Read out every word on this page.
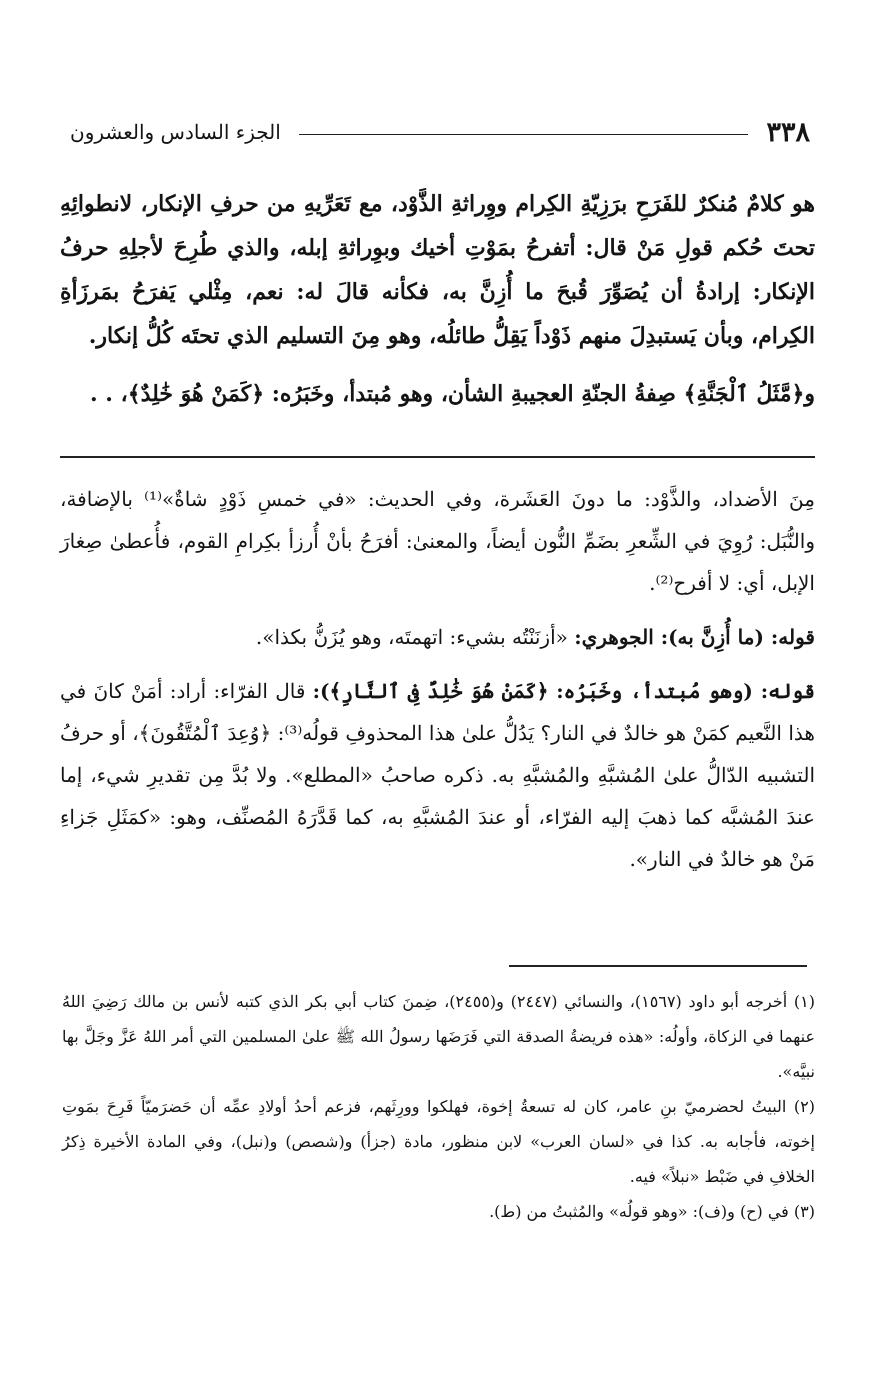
٣٣٨
الجزء السادس والعشرون

هو كلامٌ مُنكرٌ للفَرَحِ برَزِيّةِ الكِرام ووِراثةِ الذَّوْد، مع تَعَرِّيهِ من حرفِ الإنكار، لانطوائِهِ تحتَ حُكم قولِ مَنْ قال: أتفرحُ بمَوْتِ أخيك وبوِراثةِ إبله، والذي طُرِحَ لأجلِهِ حرفُ الإنكار: إرادةُ أن يُصَوِّرَ قُبحَ ما أُزِنَّ به، فكأنه قالَ له: نعم، مِثْلي يَفرَحُ بمَرزَأةِ الكِرام، وبأن يَستبدِلَ منهم ذَوْداً يَقِلُّ طائلُه، وهو مِنَ التسليم الذي تحتَه كُلُّ إنكار.

و﴿مَّثَلُ ٱلْجَنَّةِ﴾ صِفةُ الجنّةِ العجيبةِ الشأن، وهو مُبتدأ، وخَبَرُه: ﴿كَمَنْ هُوَ خَٰلِدٌ﴾، . .

مِنَ الأضداد، والذَّوْد: ما دونَ العَشَرة، وفي الحديث: «في خمسِ ذَوْدٍ شاةٌ»⁽¹⁾ بالإضافة، والنُّبَل: رُوِيَ في الشِّعرِ بضَمِّ النُّون أيضاً، والمعنىٰ: أفرَحُ بأنْ أُرزأ بكِرامِ القوم، فأُعطىٰ صِغارَ الإبل، أي: لا أفرح⁽²⁾.

قوله: (ما أُزِنَّ به): الجوهري: «أزنَنْتُه بشيء: اتهمتَه، وهو يُزَنُّ بكذا».

قوله: (وهو مُبتدأ، وخَبَرُه: ﴿كَمَنْ هُوَ خَٰلِدٌ فِى ٱلنَّارِ﴾): قال الفرّاء: أراد: أمَنْ كانَ في هذا النَّعيم كمَنْ هو خالدٌ في النار؟ يَدُلُّ علىٰ هذا المحذوفِ قولُه⁽³⁾: ﴿وُعِدَ ٱلْمُتَّقُونَ﴾، أو حرفُ التشبيه الدّالُّ علىٰ المُشبَّهِ والمُشبَّهِ به. ذكره صاحبُ «المطلع». ولا بُدَّ مِن تقديرِ شيء، إما عندَ المُشبَّه كما ذهبَ إليه الفرّاء، أو عندَ المُشبَّهِ به، كما قَدَّرَهُ المُصنِّف، وهو: «كمَثَلِ جَزاءِ مَنْ هو خالدٌ في النار».

(١) أخرجه أبو داود (١٥٦٧)، والنسائي (٢٤٤٧) و(٢٤٥٥)، ضِمنَ كتاب أبي بكر الذي كتبه لأنس بن مالك رَضِيَ اللهُ عنهما في الزكاة، وأولُه: «هذه فريضةُ الصدقة التي فَرَضَها رسولُ الله ﷺ علىٰ المسلمين التي أمر اللهُ عَزَّ وجَلَّ بها نبيَّه».

(٢) البيتُ لحضرميّ بنِ عامر، كان له تسعةُ إخوة، فهلكوا وورِثَهم، فزعم أحدُ أولادِ عمِّه أن حَضرَميّاً فَرِحَ بمَوتِ إخوته، فأجابه به. كذا في «لسان العرب» لابن منظور، مادة (جزأ) و(شصص) و(نبل)، وفي المادة الأخيرة ذِكرُ الخلافِ في ضَبْط «نبلاً» فيه.

(٣) في (ح) و(ف): «وهو قولُه» والمُثبتُ من (ط).
